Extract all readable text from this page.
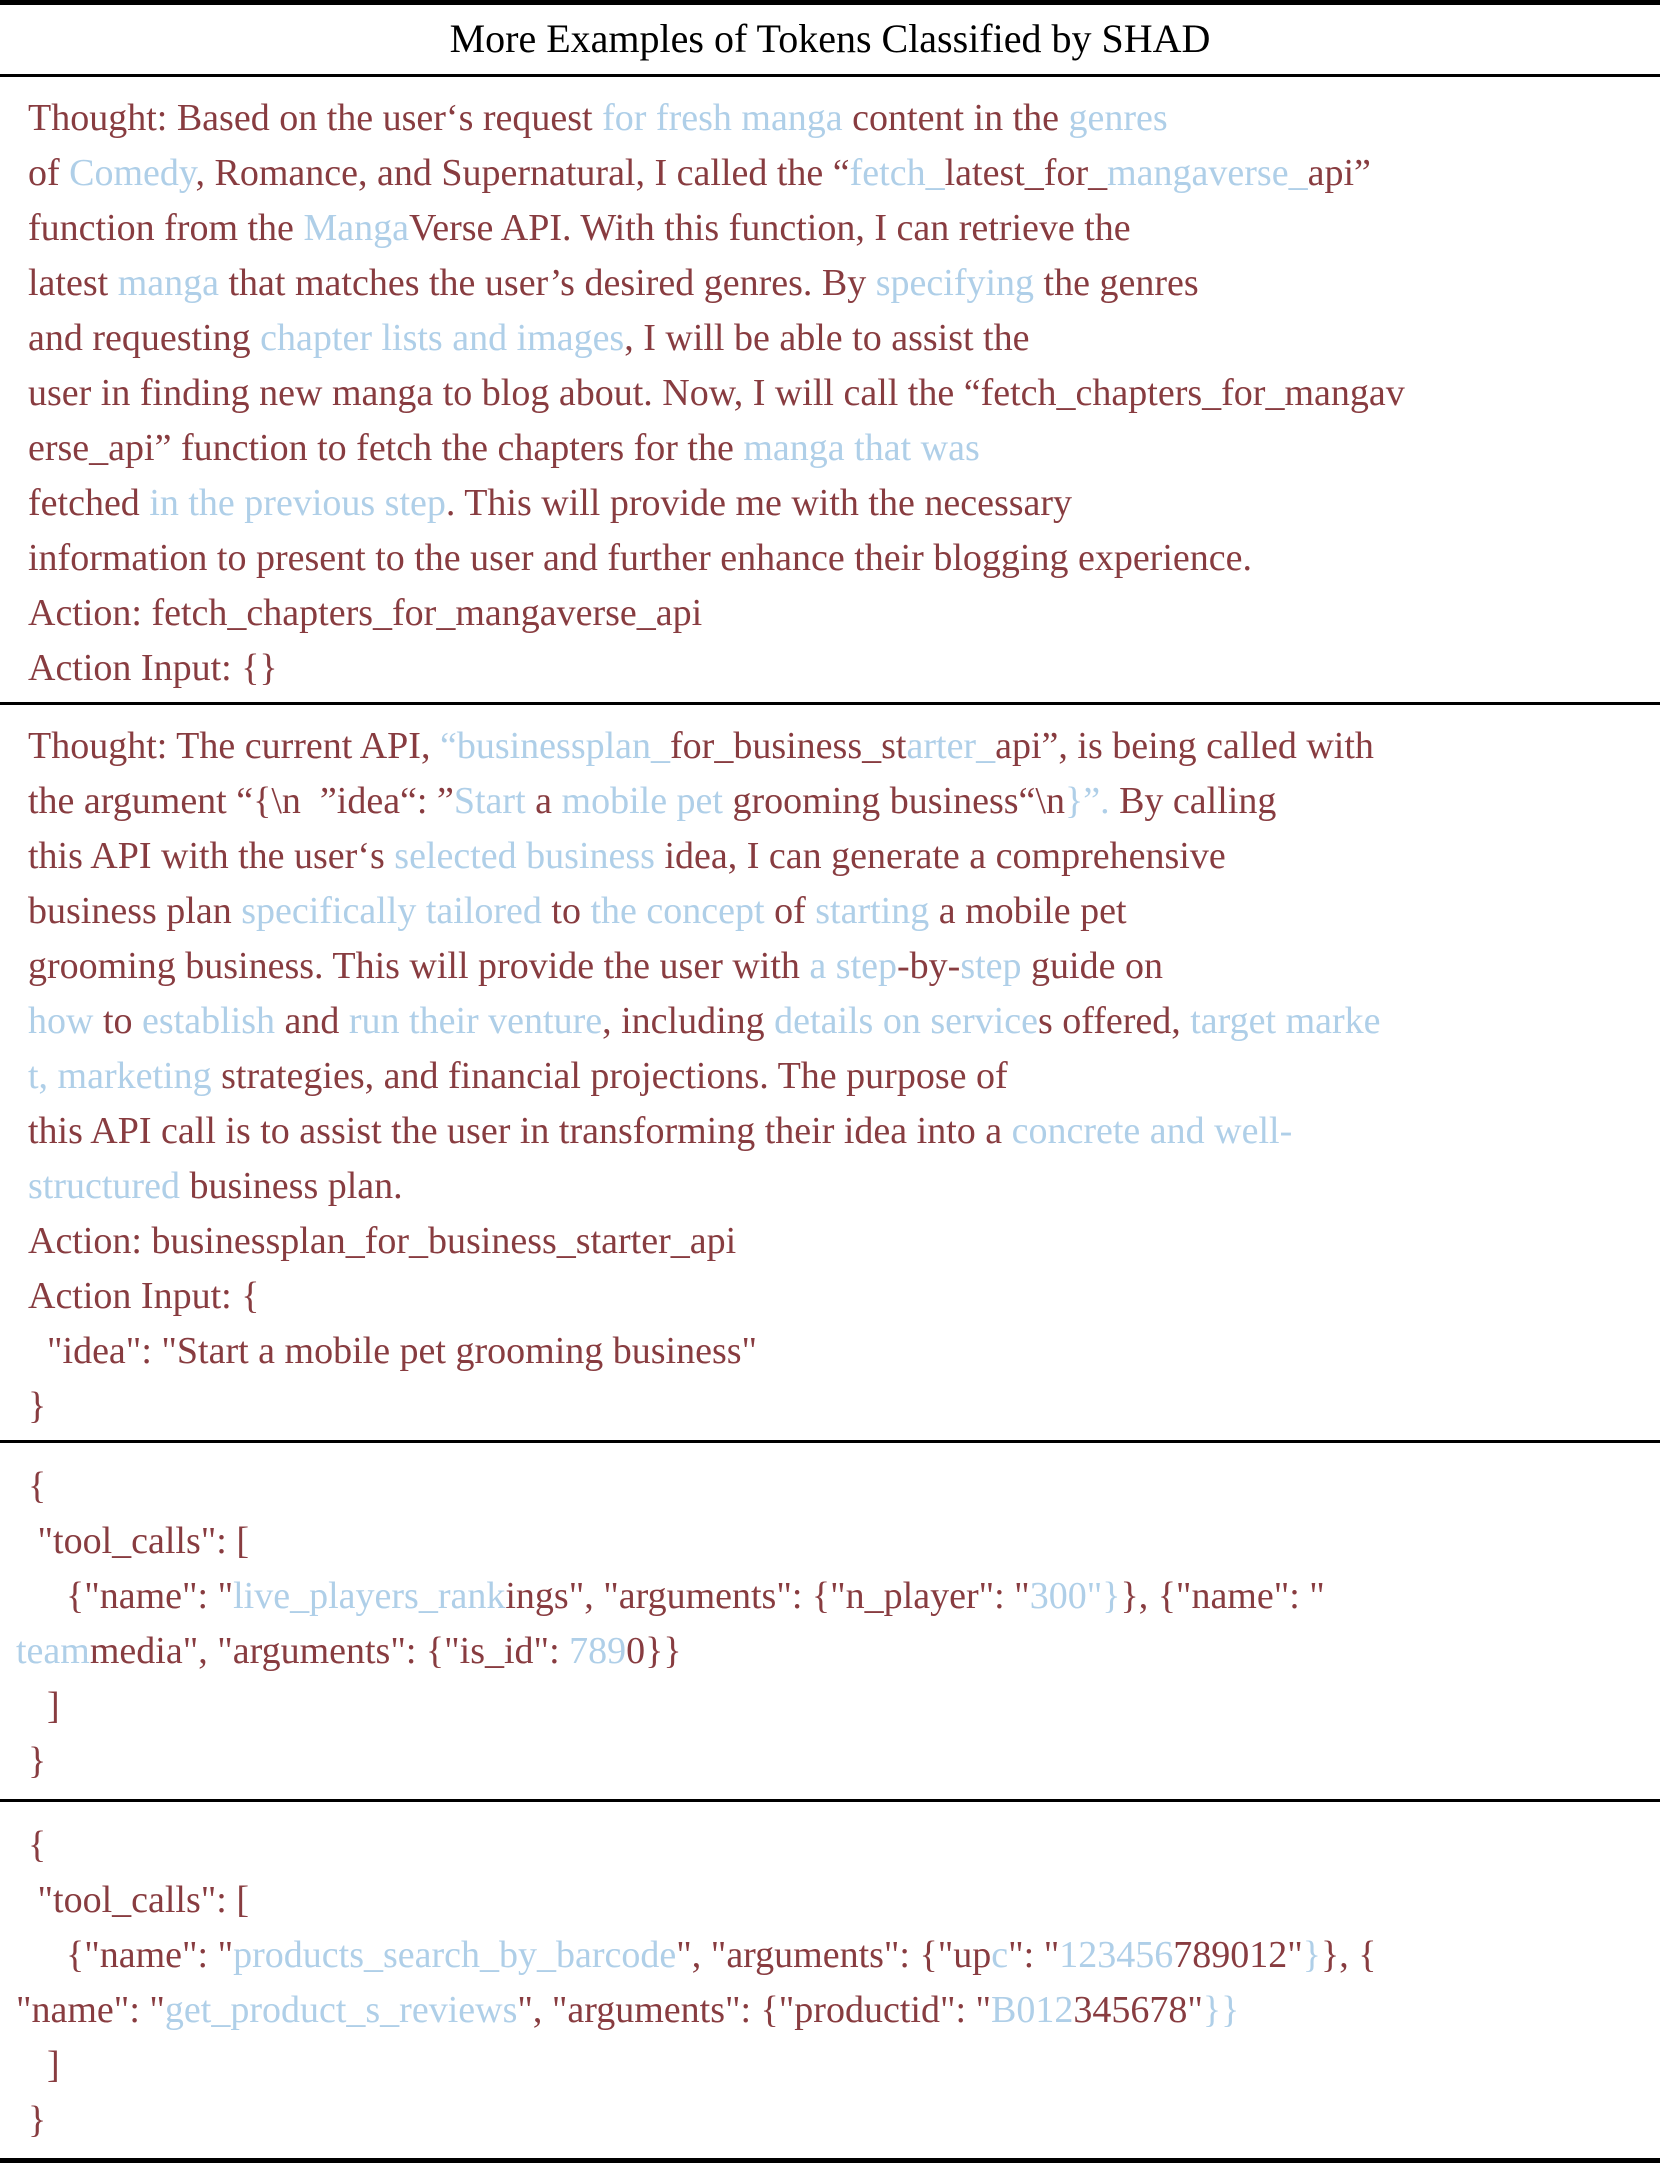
More Examples of Tokens Classified by SHAD
Thought: Based on the user‘s request for fresh manga content in the genres
of Comedy, Romance, and Supernatural, I called the “fetch_latest_for_mangaverse_api”
function from the MangaVerse API. With this function, I can retrieve the
latest manga that matches the user’s desired genres. By specifying the genres
and requesting chapter lists and images, I will be able to assist the
user in finding new manga to blog about. Now, I will call the “fetch_chapters_for_mangav
erse_api” function to fetch the chapters for the manga that was
fetched in the previous step. This will provide me with the necessary
information to present to the user and further enhance their blogging experience.
Action: fetch_chapters_for_mangaverse_api
Action Input: {}
Thought: The current API, “businessplan_for_business_starter_api”, is being called with
the argument “{\n  ”idea“: ”Start a mobile pet grooming business“\n}”. By calling
this API with the user‘s selected business idea, I can generate a comprehensive
business plan specifically tailored to the concept of starting a mobile pet
grooming business. This will provide the user with a step-by-step guide on
how to establish and run their venture, including details on services offered, target marke
t, marketing strategies, and financial projections. The purpose of
this API call is to assist the user in transforming their idea into a concrete and well-
structured business plan.
Action: businessplan_for_business_starter_api
Action Input: {
"idea": "Start a mobile pet grooming business"
}
{
"tool_calls": [
{"name": "live_players_rankings", "arguments": {"n_player": "300"}}, {"name": "
teammedia", "arguments": {"is_id": 7890}}
]
}
{
"tool_calls": [
{"name": "products_search_by_barcode", "arguments": {"upc": "123456789012"}}, {
"name": "get_product_s_reviews", "arguments": {"productid": "B012345678"}}
]
}
